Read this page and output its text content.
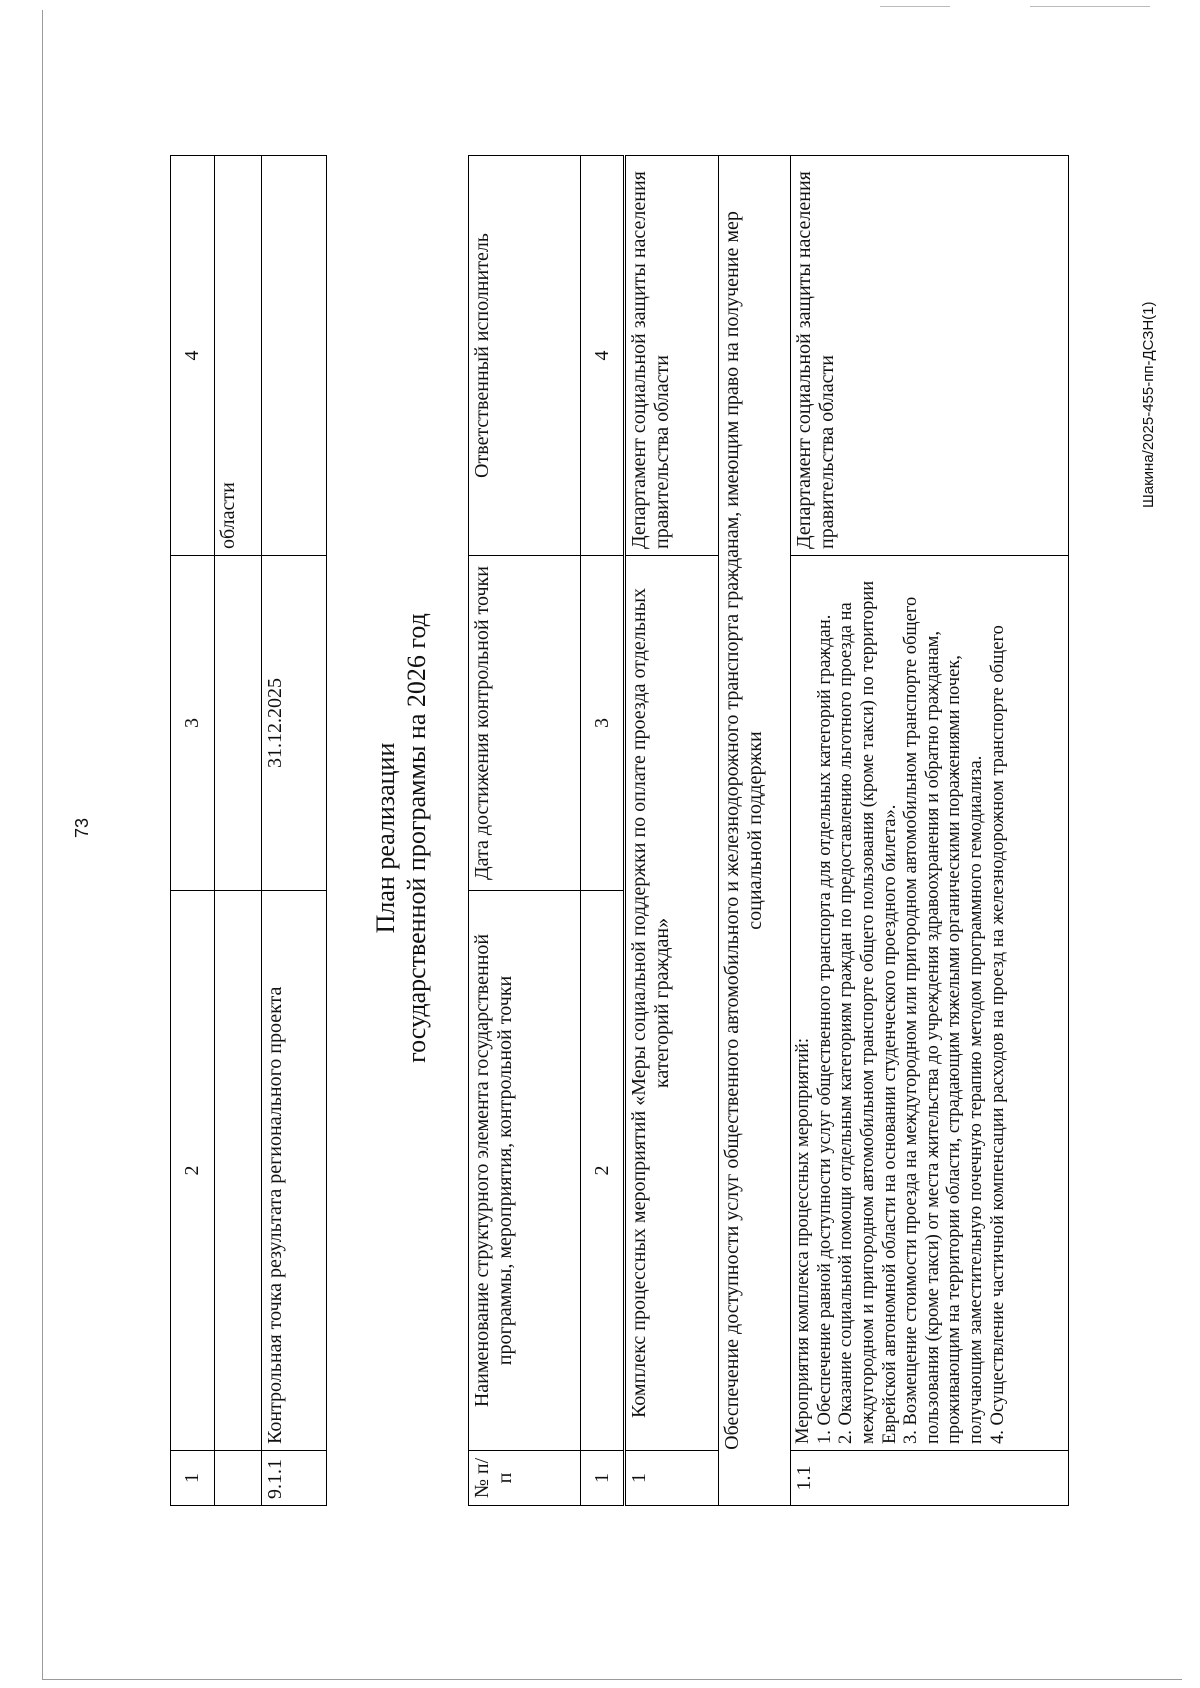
73
1	2	3	4
			области
9.1.1	Контрольная точка результата регионального проекта	31.12.2025	
План реализации государственной программы на 2026 год
№ п/п	Наименование структурного элемента государственной программы, мероприятия, контрольной точки	Дата достижения контрольной точки	Ответственный исполнитель
1	2	3	4
1	Комплекс процессных мероприятий «Меры социальной поддержки по оплате проезда отдельных категорий граждан»		Департамент социальной защиты населения правительства области
Обеспечение доступности услуг общественного автомобильного и железнодорожного транспорта гражданам, имеющим право на получение мер социальной поддержки			
1.1	Мероприятия комплекса процессных мероприятий: 1. Обеспечение равной доступности услуг общественного транспорта для отдельных категорий граждан. 2. Оказание социальной помощи отдельным категориям граждан по предоставлению льготного проезда на междугородном и пригородном автомобильном транспорте общего пользования (кроме такси) по территории Еврейской автономной области на основании студенческого проездного билета». 3. Возмещение стоимости проезда на междугородном или пригородном автомобильном транспорте общего пользования (кроме такси) от места жительства до учреждения здравоохранения и обратно гражданам, проживающим на территории области, страдающим тяжелыми органическими поражениями почек, получающим заместительную почечную терапию методом программного гемодиализа. 4. Осуществление частичной компенсации расходов на проезд на железнодорожном транспорте общего		Департамент социальной защиты населения правительства области	Шакина/2025-455-пп-ДСЗН(1)
